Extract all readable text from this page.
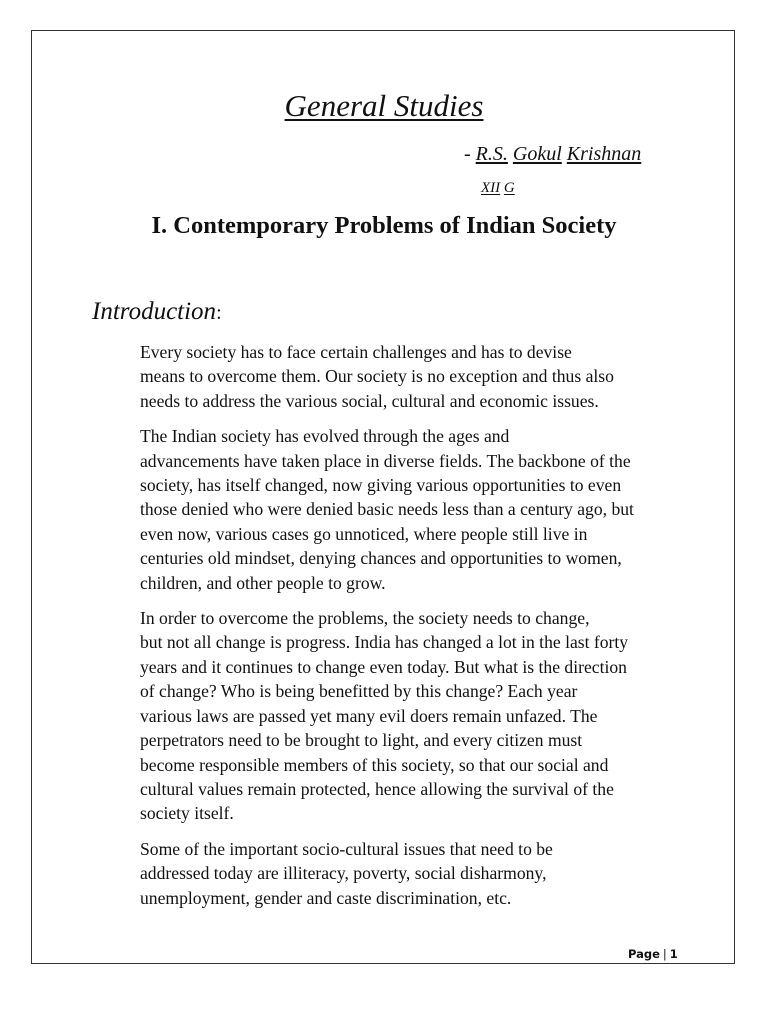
General Studies
- R.S. Gokul Krishnan
XII G
I. Contemporary Problems of Indian Society
Introduction:

Every society has to face certain challenges and has to devise
means to overcome them. Our society is no exception and thus also
needs to address the various social, cultural and economic issues.

The Indian society has evolved through the ages and
advancements have taken place in diverse fields. The backbone of the
society, has itself changed, now giving various opportunities to even
those denied who were denied basic needs less than a century ago, but
even now, various cases go unnoticed, where people still live in
centuries old mindset, denying chances and opportunities to women,
children, and other people to grow.

In order to overcome the problems, the society needs to change,
but not all change is progress. India has changed a lot in the last forty
years and it continues to change even today. But what is the direction
of change? Who is being benefitted by this change? Each year
various laws are passed yet many evil doers remain unfazed. The
perpetrators need to be brought to light, and every citizen must
become responsible members of this society, so that our social and
cultural values remain protected, hence allowing the survival of the
society itself.

Some of the important socio-cultural issues that need to be
addressed today are illiteracy, poverty, social disharmony,
unemployment, gender and caste discrimination, etc.

Page | 1
